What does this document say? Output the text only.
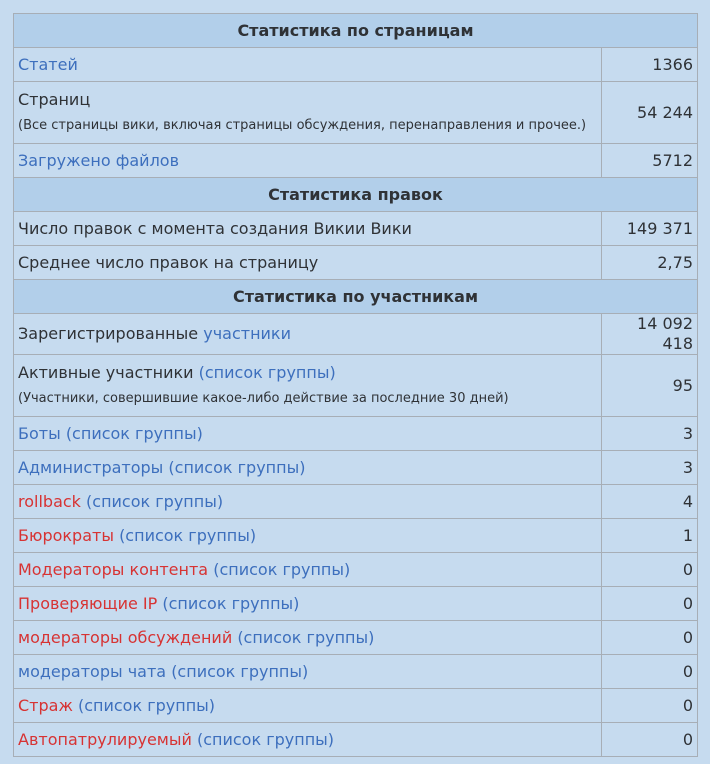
Статистика по страницам	
Статей	1366
Страниц
(Все страницы вики, включая страницы обсуждения, перенаправления и прочее.)	54 244
Загружено файлов	5712
Статистика правок	
Число правок с момента создания Викии Вики	149 371
Среднее число правок на страницу	2,75
Статистика по участникам	
Зарегистрированные участники	14 092 418
Активные участники (список группы)
(Участники, совершившие какое-либо действие за последние 30 дней)	95
Боты (список группы)	3
Администраторы (список группы)	3
rollback (список группы)	4
Бюрократы (список группы)	1
Модераторы контента (список группы)	0
Проверяющие IP (список группы)	0
модераторы обсуждений (список группы)	0
модераторы чата (список группы)	0
Страж (список группы)	0
Автопатрулируемый (список группы)	0
